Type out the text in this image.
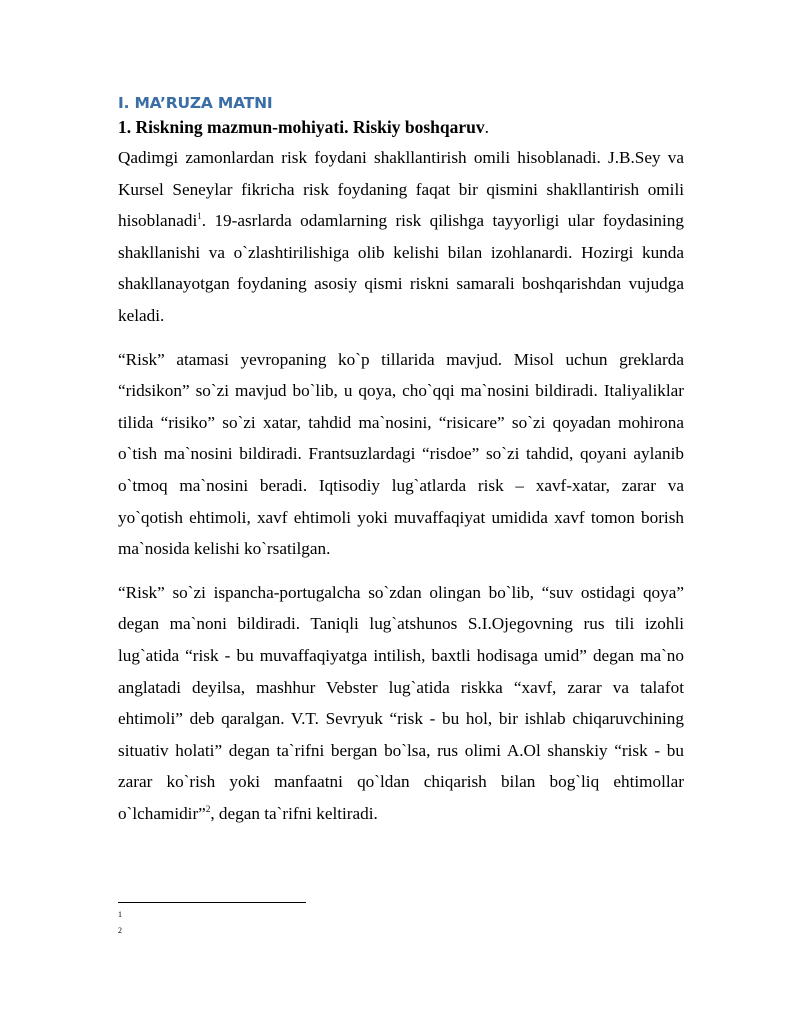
I. MA’RUZA MATNI
1. Riskning mazmun-mohiyati. Riskiy boshqaruv.

Qadimgi zamonlardan risk foydani shakllantirish omili hisoblanadi. J.B.Sey va Kursel Seneylar fikricha risk foydaning faqat bir qismini shakllantirish omili hisoblanadi$^1$. 19-asrlarda odamlarning risk qilishga tayyorligi ular foydasining shakllanishi va o`zlashtirilishiga olib kelishi bilan izohlanardi. Hozirgi kunda shakllanayotgan foydaning asosiy qismi riskni samarali boshqarishdan vujudga keladi.

“Risk” atamasi yevropaning ko`p tillarida mavjud. Misol uchun greklarda “ridsikon” so`zi mavjud bo`lib, u qoya, cho`qqi ma`nosini bildiradi. Italiyaliklar tilida “risiko” so`zi xatar, tahdid ma`nosini, “risicare” so`zi qoyadan mohirona o`tish ma`nosini bildiradi. Frantsuzlardagi “risdoe” so`zi tahdid, qoyani aylanib o`tmoq ma`nosini beradi. Iqtisodiy lug`atlarda risk – xavf-xatar, zarar va yo`qotish ehtimoli, xavf ehtimoli yoki muvaffaqiyat umidida xavf tomon borish ma`nosida kelishi ko`rsatilgan.

“Risk” so`zi ispancha-portugalcha so`zdan olingan bo`lib, “suv ostidagi qoya” degan ma`noni bildiradi. Taniqli lug`atshunos S.I.Ojegovning rus tili izohli lug`atida “risk - bu muvaffaqiyatga intilish, baxtli hodisaga umid” degan ma`no anglatadi deyilsa, mashhur Vebster lug`atida riskka “xavf, zarar va talafot ehtimoli” deb qaralgan. V.T. Sevryuk “risk - bu hol, bir ishlab chiqaruvchining situativ holati” degan ta`rifni bergan bo`lsa, rus olimi A.Ol shanskiy “risk - bu zarar ko`rish yoki manfaatni qo`ldan chiqarish bilan bog`liq ehtimollar o`lchamidir”$^2$, degan ta`rifni keltiradi.

1
2
